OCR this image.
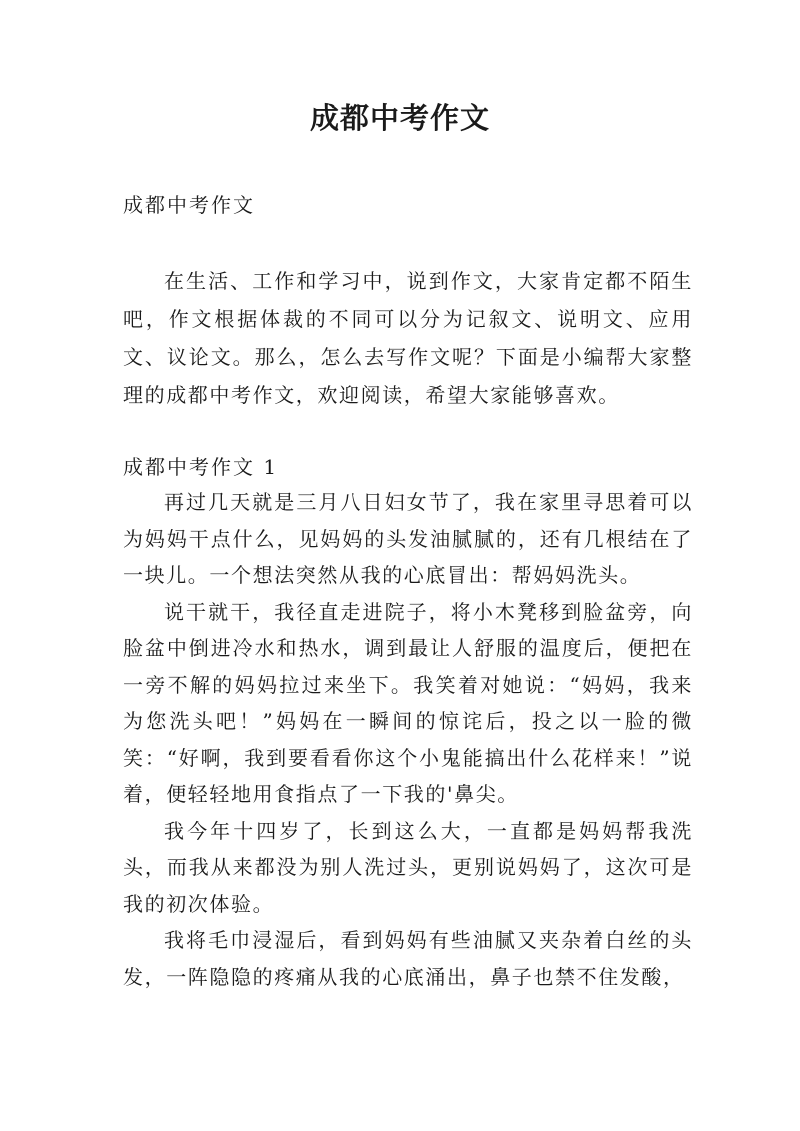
成都中考作文

成都中考作文

在生活、工作和学习中，说到作文，大家肯定都不陌生吧，作文根据体裁的不同可以分为记叙文、说明文、应用文、议论文。那么，怎么去写作文呢？下面是小编帮大家整理的成都中考作文，欢迎阅读，希望大家能够喜欢。

成都中考作文 1

再过几天就是三月八日妇女节了，我在家里寻思着可以为妈妈干点什么，见妈妈的头发油腻腻的，还有几根结在了一块儿。一个想法突然从我的心底冒出：帮妈妈洗头。

说干就干，我径直走进院子，将小木凳移到脸盆旁，向脸盆中倒进冷水和热水，调到最让人舒服的温度后，便把在一旁不解的妈妈拉过来坐下。我笑着对她说：“妈妈，我来为您洗头吧！”妈妈在一瞬间的惊诧后，投之以一脸的微笑：“好啊，我到要看看你这个小鬼能搞出什么花样来！”说着，便轻轻地用食指点了一下我的'鼻尖。

我今年十四岁了，长到这么大，一直都是妈妈帮我洗头，而我从来都没为别人洗过头，更别说妈妈了，这次可是我的初次体验。

我将毛巾浸湿后，看到妈妈有些油腻又夹杂着白丝的头发，一阵隐隐的疼痛从我的心底涌出，鼻子也禁不住发酸，
